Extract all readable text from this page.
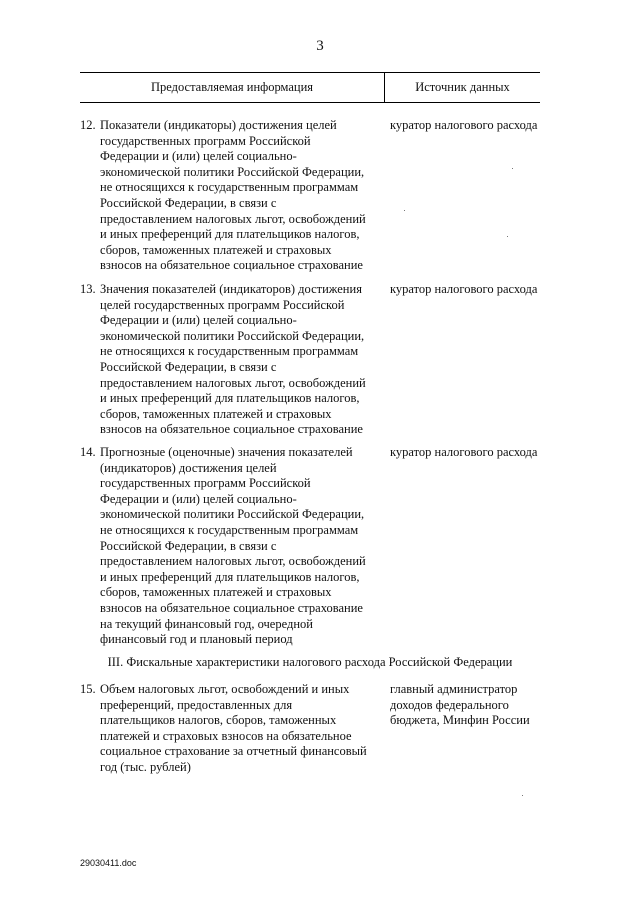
3
Предоставляемая информация	Источник данных
12. Показатели (индикаторы) достижения целей
государственных программ Российской
Федерации и (или) целей социально-
экономической политики Российской Федерации,
не относящихся к государственным программам
Российской Федерации, в связи с
предоставлением налоговых льгот, освобождений
и иных преференций для плательщиков налогов,
сборов, таможенных платежей и страховых
взносов на обязательное социальное страхование
куратор налогового расхода
13. Значения показателей (индикаторов) достижения
целей государственных программ Российской
Федерации и (или) целей социально-
экономической политики Российской Федерации,
не относящихся к государственным программам
Российской Федерации, в связи с
предоставлением налоговых льгот, освобождений
и иных преференций для плательщиков налогов,
сборов, таможенных платежей и страховых
взносов на обязательное социальное страхование
куратор налогового расхода
14. Прогнозные (оценочные) значения показателей
(индикаторов) достижения целей
государственных программ Российской
Федерации и (или) целей социально-
экономической политики Российской Федерации,
не относящихся к государственным программам
Российской Федерации, в связи с
предоставлением налоговых льгот, освобождений
и иных преференций для плательщиков налогов,
сборов, таможенных платежей и страховых
взносов на обязательное социальное страхование
на текущий финансовый год, очередной
финансовый год и плановый период
куратор налогового расхода
III. Фискальные характеристики налогового расхода Российской Федерации
15. Объем налоговых льгот, освобождений и иных
преференций, предоставленных для
плательщиков налогов, сборов, таможенных
платежей и страховых взносов на обязательное
социальное страхование за отчетный финансовый
год (тыс. рублей)
главный администратор
доходов федерального
бюджета, Минфин России
29030411.doc
